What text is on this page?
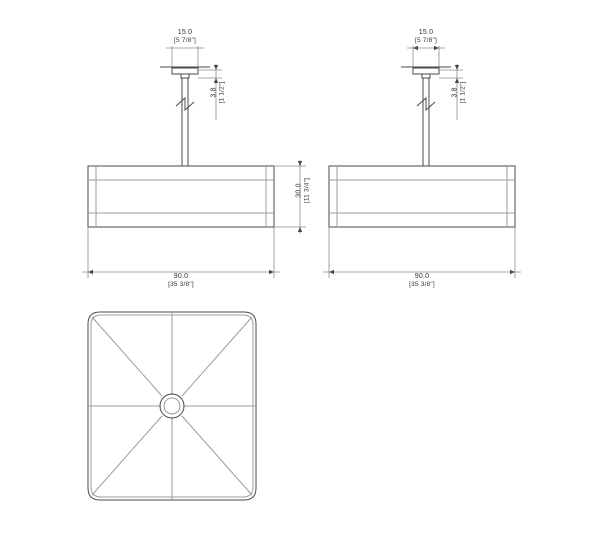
15.0
[5 7/8"]
3.8 [1 1/2"]
30.0 [11 3/4"]
90.0
[35 3/8"]
15.0
[5 7/8"]
3.8 [1 1/2"]
90.0
[35 3/8"]
